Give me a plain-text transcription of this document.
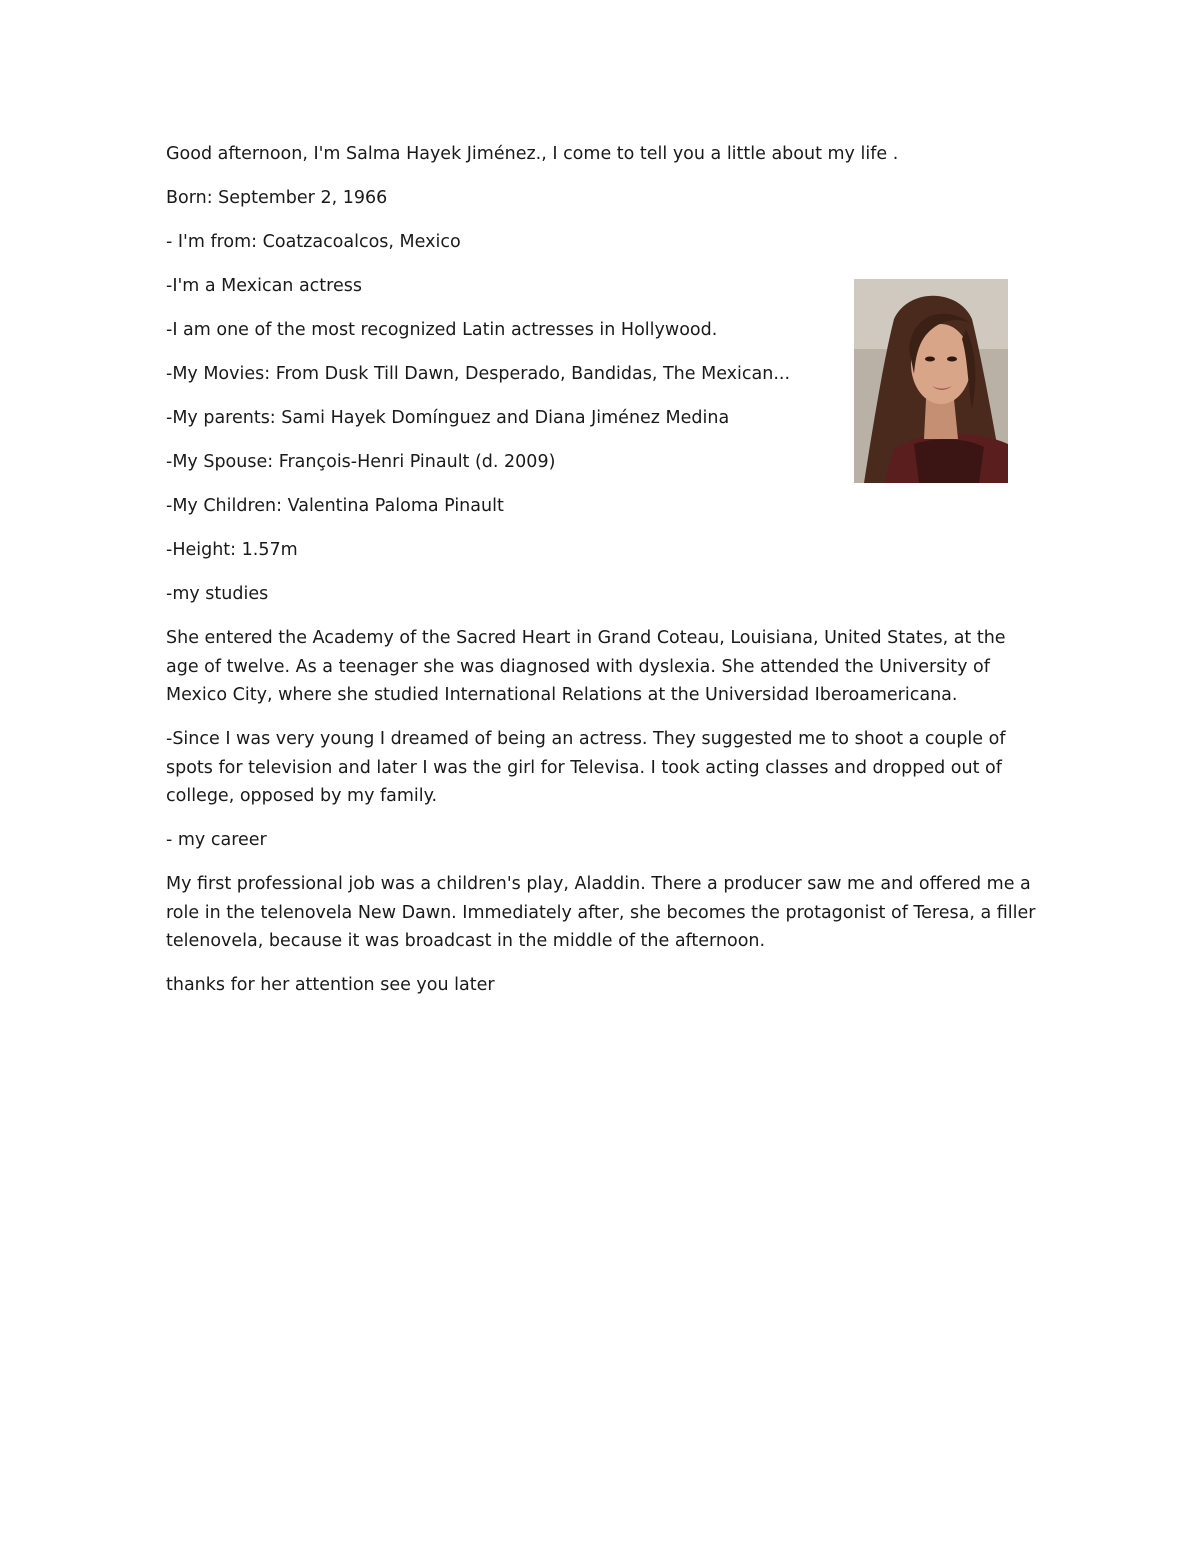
Good afternoon, I'm Salma Hayek Jiménez., I come to tell you a little about my life .

Born: September 2, 1966

- I'm from: Coatzacoalcos, Mexico

-I'm a Mexican actress

-I am one of the most recognized Latin actresses in Hollywood.

-My Movies: From Dusk Till Dawn, Desperado, Bandidas, The Mexican...

-My parents: Sami Hayek Domínguez and Diana Jiménez Medina

-My Spouse: François-Henri Pinault (d. 2009)

-My Children: Valentina Paloma Pinault

-Height: 1.57m

-my studies

She entered the Academy of the Sacred Heart in Grand Coteau, Louisiana, United States, at the age of twelve. As a teenager she was diagnosed with dyslexia. She attended the University of Mexico City, where she studied International Relations at the Universidad Iberoamericana.

-Since I was very young I dreamed of being an actress. They suggested me to shoot a couple of spots for television and later I was the girl for Televisa. I took acting classes and dropped out of college, opposed by my family.

- my career

My first professional job was a children's play, Aladdin. There a producer saw me and offered me a role in the telenovela New Dawn. Immediately after, she becomes the protagonist of Teresa, a filler telenovela, because it was broadcast in the middle of the afternoon.

thanks for her attention see you later
